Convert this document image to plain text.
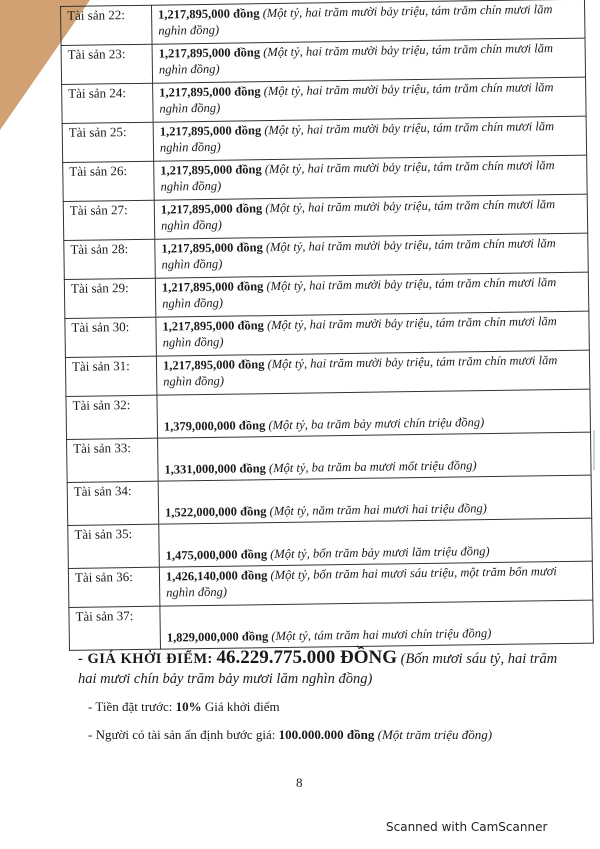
Tài sản 22:	1,217,895,000 đồng (Một tỷ, hai trăm mười bảy triệu, tám trăm chín mươi lăm nghìn đồng)
Tài sản 23:	1,217,895,000 đồng (Một tỷ, hai trăm mười bảy triệu, tám trăm chín mươi lăm nghìn đồng)
Tài sản 24:	1,217,895,000 đồng (Một tỷ, hai trăm mười bảy triệu, tám trăm chín mươi lăm nghìn đồng)
Tài sản 25:	1,217,895,000 đồng (Một tỷ, hai trăm mười bảy triệu, tám trăm chín mươi lăm nghìn đồng)
Tài sản 26:	1,217,895,000 đồng (Một tỷ, hai trăm mười bảy triệu, tám trăm chín mươi lăm nghìn đồng)
Tài sản 27:	1,217,895,000 đồng (Một tỷ, hai trăm mười bảy triệu, tám trăm chín mươi lăm nghìn đồng)
Tài sản 28:	1,217,895,000 đồng (Một tỷ, hai trăm mười bảy triệu, tám trăm chín mươi lăm nghìn đồng)
Tài sản 29:	1,217,895,000 đồng (Một tỷ, hai trăm mười bảy triệu, tám trăm chín mươi lăm nghìn đồng)
Tài sản 30:	1,217,895,000 đồng (Một tỷ, hai trăm mười bảy triệu, tám trăm chín mươi lăm nghìn đồng)
Tài sản 31:	1,217,895,000 đồng (Một tỷ, hai trăm mười bảy triệu, tám trăm chín mươi lăm nghìn đồng)
Tài sản 32:	1,379,000,000 đồng (Một tỷ, ba trăm bảy mươi chín triệu đồng)
Tài sản 33:	1,331,000,000 đồng (Một tỷ, ba trăm ba mươi mốt triệu đồng)
Tài sản 34:	1,522,000,000 đồng (Một tỷ, năm trăm hai mươi hai triệu đồng)
Tài sản 35:	1,475,000,000 đồng (Một tỷ, bốn trăm bảy mươi lăm triệu đồng)
Tài sản 36:	1,426,140,000 đồng (Một tỷ, bốn trăm hai mươi sáu triệu, một trăm bốn mươi nghìn đồng)
Tài sản 37:	1,829,000,000 đồng (Một tỷ, tám trăm hai mươi chín triệu đồng)

- GIÁ KHỞI ĐIỂM: 46.229.775.000 ĐỒNG (Bốn mươi sáu tỷ, hai trăm hai mươi chín bảy trăm bảy mươi lăm nghìn đồng)

- Tiền đặt trước: 10% Giá khởi điểm

- Người có tài sản ấn định bước giá: 100.000.000 đồng (Một trăm triệu đồng)

8
Scanned with CamScanner
